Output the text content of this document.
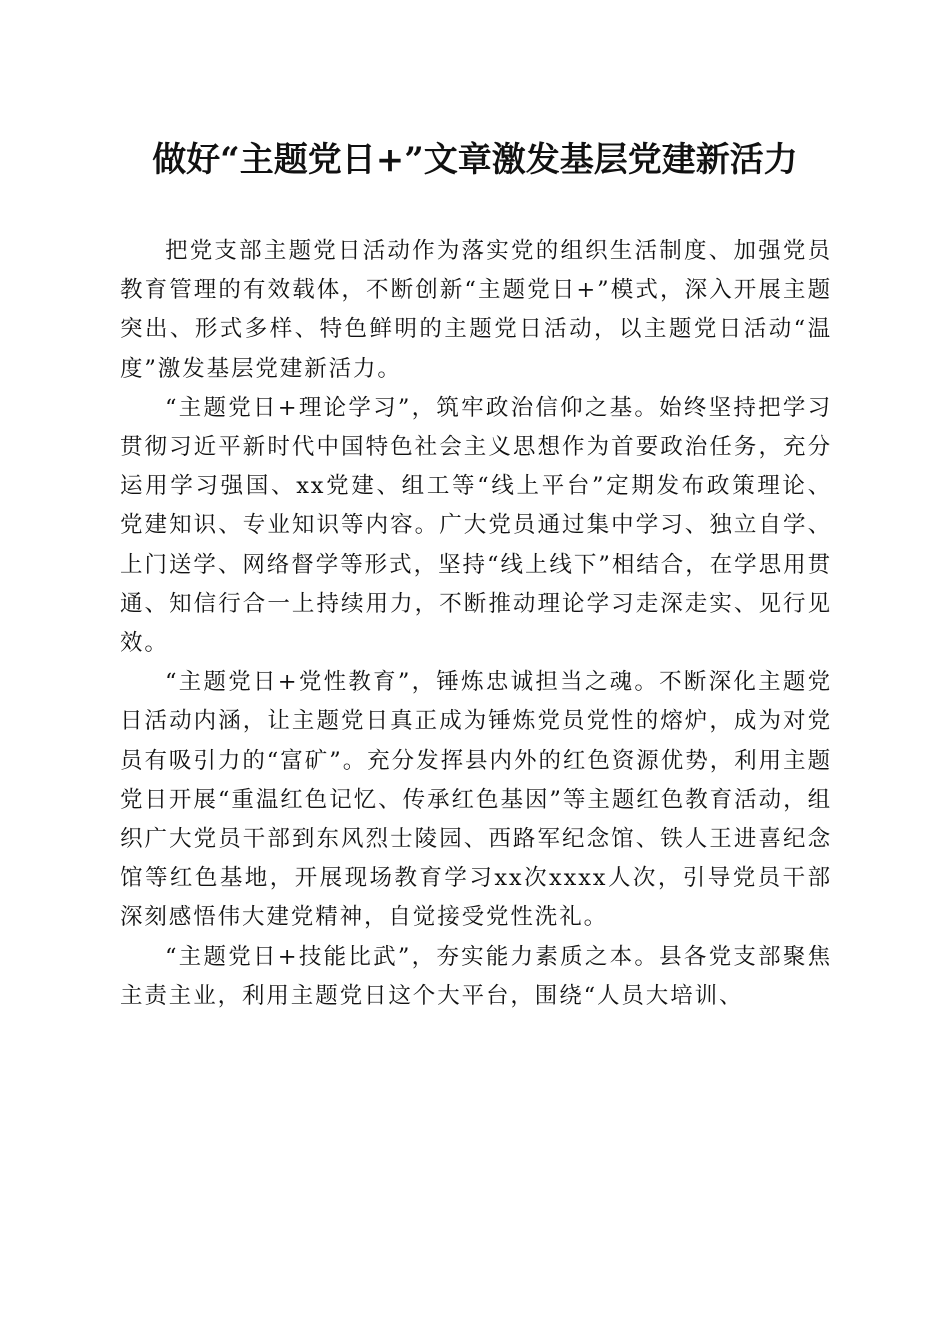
做好“主题党日+”文章激发基层党建新活力

把党支部主题党日活动作为落实党的组织生活制度、加强党员教育管理的有效载体，不断创新“主题党日+”模式，深入开展主题突出、形式多样、特色鲜明的主题党日活动，以主题党日活动“温度”激发基层党建新活力。

“主题党日+理论学习”，筑牢政治信仰之基。始终坚持把学习贯彻习近平新时代中国特色社会主义思想作为首要政治任务，充分运用学习强国、xx党建、组工等“线上平台”定期发布政策理论、党建知识、专业知识等内容。广大党员通过集中学习、独立自学、上门送学、网络督学等形式，坚持“线上线下”相结合，在学思用贯通、知信行合一上持续用力，不断推动理论学习走深走实、见行见效。

“主题党日+党性教育”，锤炼忠诚担当之魂。不断深化主题党日活动内涵，让主题党日真正成为锤炼党员党性的熔炉，成为对党员有吸引力的“富矿”。充分发挥县内外的红色资源优势，利用主题党日开展“重温红色记忆、传承红色基因”等主题红色教育活动，组织广大党员干部到东风烈士陵园、西路军纪念馆、铁人王进喜纪念馆等红色基地，开展现场教育学习xx次xxxx人次，引导党员干部深刻感悟伟大建党精神，自觉接受党性洗礼。

“主题党日+技能比武”，夯实能力素质之本。县各党支部聚焦主责主业，利用主题党日这个大平台，围绕“人员大培训、
